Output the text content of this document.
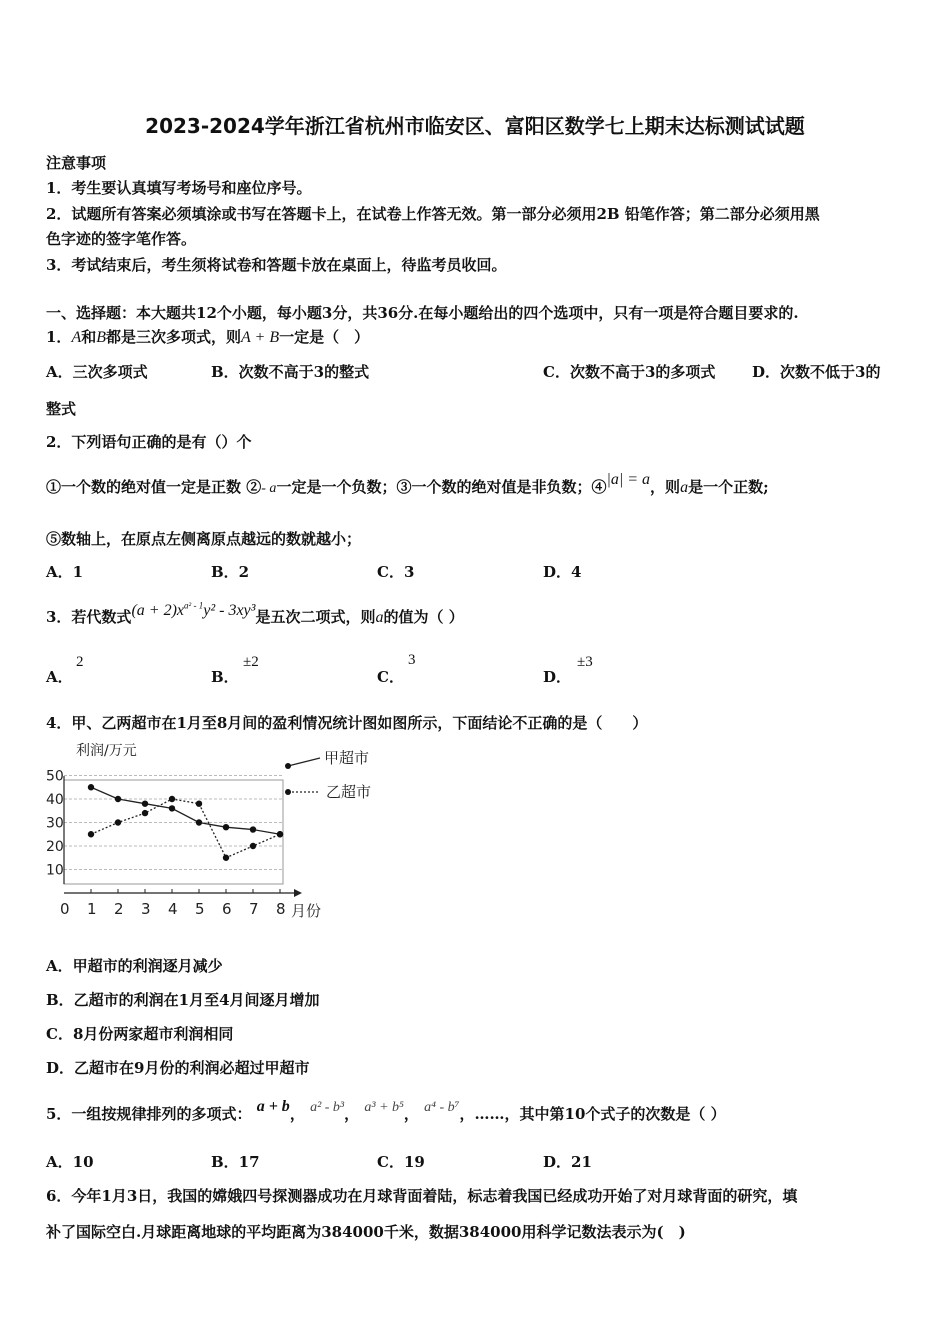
2023-2024学年浙江省杭州市临安区、富阳区数学七上期末达标测试试题
注意事项
1．考生要认真填写考场号和座位序号。
2．试题所有答案必须填涂或书写在答题卡上，在试卷上作答无效。第一部分必须用2B 铅笔作答；第二部分必须用黑
色字迹的签字笔作答。
3．考试结束后，考生须将试卷和答题卡放在桌面上，待监考员收回。
一、选择题：本大题共12个小题，每小题3分，共36分.在每小题给出的四个选项中，只有一项是符合题目要求的.
1．A和B都是三次多项式，则A + B一定是（　）
A．三次多项式	B．次数不高于3的整式	C．次数不高于3的多项式 D．次数不低于3的
整式
2．下列语句正确的是有（）个
①一个数的绝对值一定是正数 ②- a一定是一个负数；③一个数的绝对值是非负数；④|a| = a，则a是一个正数;
⑤数轴上，在原点左侧离原点越远的数就越小；
A．1	B．2	C．3	D．4
3．若代数式$(a + 2)x^{a^2 - 1}y^2 - 3xy^3$是五次二项式，则a的值为（ ）
A．
2
B．
±2
C．
3
D．
±3
4．甲、乙两超市在1月至8月间的盈利情况统计图如图所示，下面结论不正确的是（　　）
利润/万元
月份
10
20
30
40
50
0 1 2 3 4 5 6 7 8
甲超市
乙超市
A．甲超市的利润逐月减少
B．乙超市的利润在1月至4月间逐月增加
C．8月份两家超市利润相同
D．乙超市在9月份的利润必超过甲超市
5．一组按规律排列的多项式： a + b， a² - b³， a³ + b⁵， a⁴ - b⁷，……，其中第10个式子的次数是（ ）
A．10	B．17	C．19	D．21
6．今年1月3日，我国的嫦娥四号探测器成功在月球背面着陆，标志着我国已经成功开始了对月球背面的研究，填
补了国际空白.月球距离地球的平均距离为384000千米，数据384000用科学记数法表示为(　)
